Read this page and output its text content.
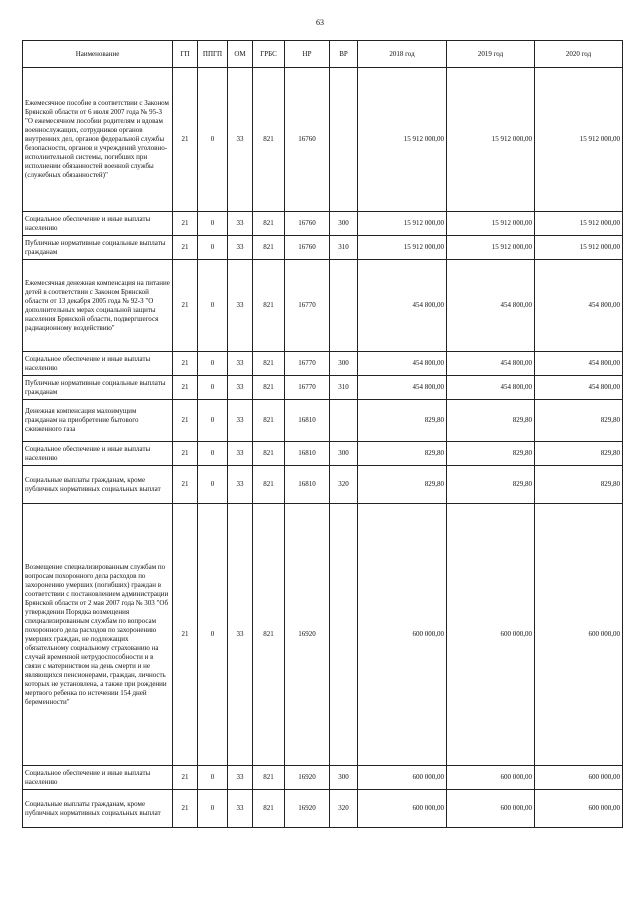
63
Наименование	ГП	ППГП	ОМ	ГРБС	НР	ВР	2018 год	2019 год	2020 год
Ежемесячное пособие в соответствии с Законом Брянской области от 6 июля 2007 года № 95-З "О ежемесячном пособии родителям и вдовам военнослужащих, сотрудников органов внутренних дел, органов федеральной службы безопасности, органов и учреждений уголовно-исполнительной системы, погибших при исполнении обязанностей военной службы (служебных обязанностей)"	21	0	33	821	16760		15 912 000,00	15 912 000,00	15 912 000,00
Социальное обеспечение и иные выплаты населению	21	0	33	821	16760	300	15 912 000,00	15 912 000,00	15 912 000,00
Публичные нормативные социальные выплаты гражданам	21	0	33	821	16760	310	15 912 000,00	15 912 000,00	15 912 000,00
Ежемесячная денежная компенсация на питание детей в соответствии с Законом Брянской области от 13 декабря 2005 года № 92-З "О дополнительных мерах социальной защиты населения Брянской области, подвергшегося радиационному воздействию"	21	0	33	821	16770		454 800,00	454 800,00	454 800,00
Социальное обеспечение и иные выплаты населению	21	0	33	821	16770	300	454 800,00	454 800,00	454 800,00
Публичные нормативные социальные выплаты гражданам	21	0	33	821	16770	310	454 800,00	454 800,00	454 800,00
Денежная компенсация малоимущим гражданам на приобретение бытового сжиженного газа	21	0	33	821	16810		829,80	829,80	829,80
Социальное обеспечение и иные выплаты населению	21	0	33	821	16810	300	829,80	829,80	829,80
Социальные выплаты гражданам, кроме публичных нормативных социальных выплат	21	0	33	821	16810	320	829,80	829,80	829,80
Возмещение специализированным службам по вопросам похоронного дела расходов по захоронению умерших (погибших) граждан в соответствии с постановлением администрации Брянской области от 2 мая 2007 года № 303 "Об утверждении Порядка возмещения специализированным службам по вопросам похоронного дела расходов по захоронению умерших граждан, не подлежащих обязательному социальному страхованию на случай временной нетрудоспособности и в связи с материнством на день смерти и не являющихся пенсионерами, граждан, личность которых не установлена, а также при рождении мертвого ребенка по истечении 154 дней беременности"	21	0	33	821	16920		600 000,00	600 000,00	600 000,00
Социальное обеспечение и иные выплаты населению	21	0	33	821	16920	300	600 000,00	600 000,00	600 000,00
Социальные выплаты гражданам, кроме публичных нормативных социальных выплат	21	0	33	821	16920	320	600 000,00	600 000,00	600 000,00
